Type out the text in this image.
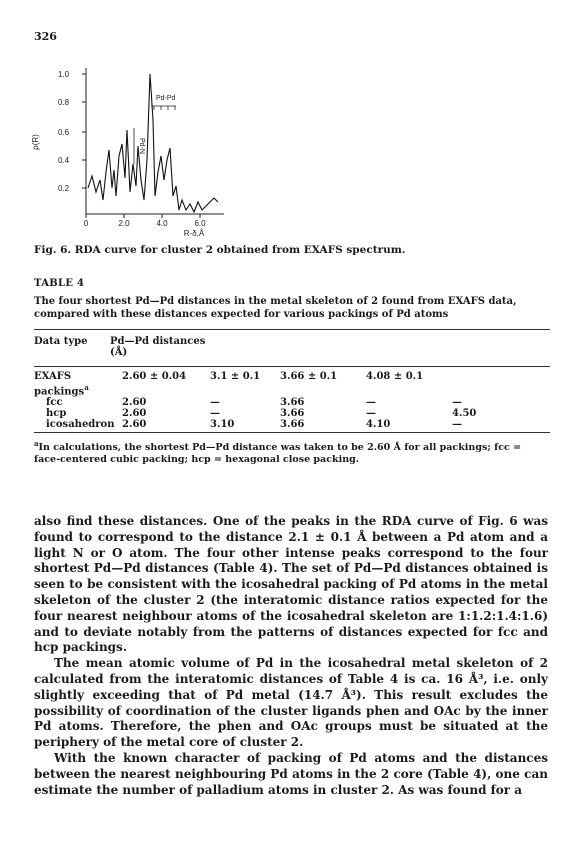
326
1.0
0.8
0.6
0.4
0.2
ρ(R)
0	2.0	4.0	6.0
R-δ,Å
Pd-Pd
Pd-N
Fig. 6. RDA curve for cluster 2 obtained from EXAFS spectrum.
TABLE 4
The four shortest Pd—Pd distances in the metal skeleton of 2 found from EXAFS data, compared with these distances expected for various packings of Pd atoms
Data type	Pd—Pd distances
(Å)
EXAFS	2.60 ± 0.04	3.1 ± 0.1	3.66 ± 0.1	4.08 ± 0.1	
packings$^a$					
fcc	2.60	—	3.66	—	—
hcp	2.60	—	3.66	—	4.50
icosahedron	2.60	3.10	3.66	4.10	—
$^a$In calculations, the shortest Pd—Pd distance was taken to be 2.60 Å for all packings; fcc = face-centered cubic packing; hcp = hexagonal close packing.

also find these distances. One of the peaks in the RDA curve of Fig. 6 was found to correspond to the distance 2.1 ± 0.1 Å between a Pd atom and a light N or O atom. The four other intense peaks correspond to the four shortest Pd—Pd distances (Table 4). The set of Pd—Pd distances obtained is seen to be consistent with the icosahedral packing of Pd atoms in the metal skeleton of the cluster 2 (the interatomic distance ratios expected for the four nearest neighbour atoms of the icosahedral skeleton are 1:1.2:1.4:1.6) and to deviate notably from the patterns of distances expected for fcc and hcp packings.

The mean atomic volume of Pd in the icosahedral metal skeleton of 2 calculated from the interatomic distances of Table 4 is ca. 16 Å³, i.e. only slightly exceeding that of Pd metal (14.7 Å³). This result excludes the possibility of coordination of the cluster ligands phen and OAc by the inner Pd atoms. Therefore, the phen and OAc groups must be situated at the periphery of the metal core of cluster 2.

With the known character of packing of Pd atoms and the distances between the nearest neighbouring Pd atoms in the 2 core (Table 4), one can estimate the number of palladium atoms in cluster 2. As was found for a
